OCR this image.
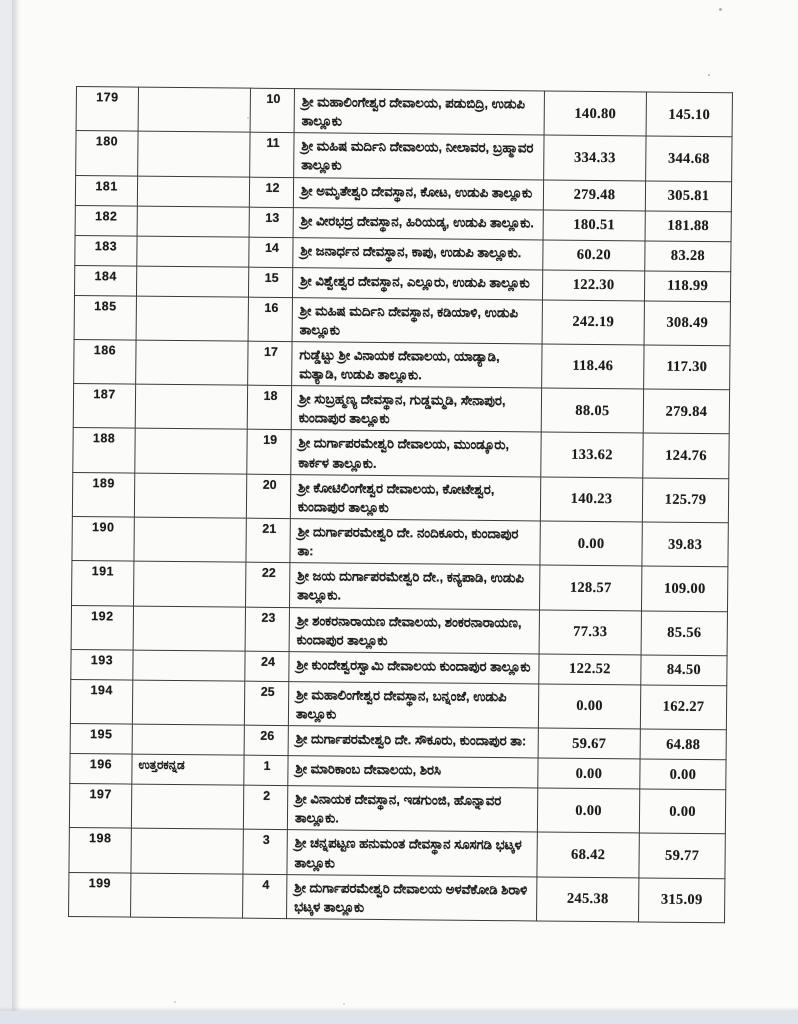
179		10	ಶ್ರೀ ಮಹಾಲಿಂಗೇಶ್ವರ ದೇವಾಲಯ, ಪಡುಬಿದ್ರಿ, ಉಡುಪಿ ತಾಲ್ಲೂಕು	140.80	145.10
180		11	ಶ್ರೀ ಮಹಿಷ ಮರ್ದಿನಿ ದೇವಾಲಯ, ನೀಲಾವರ, ಬ್ರಹ್ಮಾವರ ತಾಲ್ಲೂಕು	334.33	344.68
181		12	ಶ್ರೀ ಅಮೃತೇಶ್ವರಿ ದೇವಸ್ಥಾನ, ಕೋಟ, ಉಡುಪಿ ತಾಲ್ಲೂಕು	279.48	305.81
182		13	ಶ್ರೀ ವೀರಭದ್ರ ದೇವಸ್ಥಾನ, ಹಿರಿಯಡ್ಕ, ಉಡುಪಿ ತಾಲ್ಲೂಕು.	180.51	181.88
183		14	ಶ್ರೀ ಜನಾರ್ಧನ ದೇವಸ್ಥಾನ, ಕಾಪು, ಉಡುಪಿ ತಾಲ್ಲೂಕು.	60.20	83.28
184		15	ಶ್ರೀ ವಿಶ್ವೇಶ್ವರ ದೇವಸ್ಥಾನ, ಎಲ್ಲೂರು, ಉಡುಪಿ ತಾಲ್ಲೂಕು	122.30	118.99
185		16	ಶ್ರೀ ಮಹಿಷ ಮರ್ದಿನಿ ದೇವಸ್ಥಾನ, ಕಡಿಯಾಳಿ, ಉಡುಪಿ ತಾಲ್ಲೂಕು	242.19	308.49
186		17	ಗುಡ್ಡೆಟ್ಟು ಶ್ರೀ ವಿನಾಯಕ ದೇವಾಲಯ, ಯಾಡ್ಯಾಡಿ, ಮತ್ಯಾಡಿ, ಉಡುಪಿ ತಾಲ್ಲೂಕು.	118.46	117.30
187		18	ಶ್ರೀ ಸುಬ್ರಹ್ಮಣ್ಯ ದೇವಸ್ಥಾನ, ಗುಡ್ಡಮ್ಮಡಿ, ಸೇನಾಪುರ, ಕುಂದಾಪುರ ತಾಲ್ಲೂಕು	88.05	279.84
188		19	ಶ್ರೀ ದುರ್ಗಾಪರಮೇಶ್ವರಿ ದೇವಾಲಯ, ಮುಂಡ್ಕೂರು, ಕಾರ್ಕಳ ತಾಲ್ಲೂಕು.	133.62	124.76
189		20	ಶ್ರೀ ಕೋಟಿಲಿಂಗೇಶ್ವರ ದೇವಾಲಯ, ಕೋಟೇಶ್ವರ, ಕುಂದಾಪುರ ತಾಲ್ಲೂಕು	140.23	125.79
190		21	ಶ್ರೀ ದುರ್ಗಾಪರಮೇಶ್ವರಿ ದೇ. ನಂದಿಕೂರು, ಕುಂದಾಪುರ ತಾ:	0.00	39.83
191		22	ಶ್ರೀ ಜಯ ದುರ್ಗಾಪರಮೇಶ್ವರಿ ದೇ., ಕನ್ಯಪಾಡಿ, ಉಡುಪಿ ತಾಲ್ಲೂಕು.	128.57	109.00
192		23	ಶ್ರೀ ಶಂಕರನಾರಾಯಣ ದೇವಾಲಯ, ಶಂಕರನಾರಾಯಣ, ಕುಂದಾಪುರ ತಾಲ್ಲೂಕು	77.33	85.56
193		24	ಶ್ರೀ ಕುಂದೇಶ್ವರಸ್ವಾಮಿ ದೇವಾಲಯ ಕುಂದಾಪುರ ತಾಲ್ಲೂಕು	122.52	84.50
194		25	ಶ್ರೀ ಮಹಾಲಿಂಗೇಶ್ವರ ದೇವಸ್ಥಾನ, ಬನ್ನಂಜೆ, ಉಡುಪಿ ತಾಲ್ಲೂಕು	0.00	162.27
195		26	ಶ್ರೀ ದುರ್ಗಾಪರಮೇಶ್ವರಿ ದೇ. ಸೌಕೂರು, ಕುಂದಾಪುರ ತಾ:	59.67	64.88
196	ಉತ್ತರಕನ್ನಡ	1	ಶ್ರೀ ಮಾರಿಕಾಂಬ ದೇವಾಲಯ, ಶಿರಸಿ	0.00	0.00
197		2	ಶ್ರೀ ವಿನಾಯಕ ದೇವಸ್ಥಾನ, ಇಡಗುಂಜಿ, ಹೊನ್ನಾವರ ತಾಲ್ಲೂಕು.	0.00	0.00
198		3	ಶ್ರೀ ಚನ್ನಪಟ್ಟಣ ಹನುಮಂತ ದೇವಸ್ಥಾನ ಸೂಸಗಡಿ ಭಟ್ಕಳ ತಾಲ್ಲೂಕು	68.42	59.77
199		4	ಶ್ರೀ ದುರ್ಗಾಪರಮೇಶ್ವರಿ ದೇವಾಲಯ ಅಳವೆಕೋಡಿ ಶಿರಾಳಿ ಭಟ್ಕಳ ತಾಲ್ಲೂಕು	245.38	315.09
